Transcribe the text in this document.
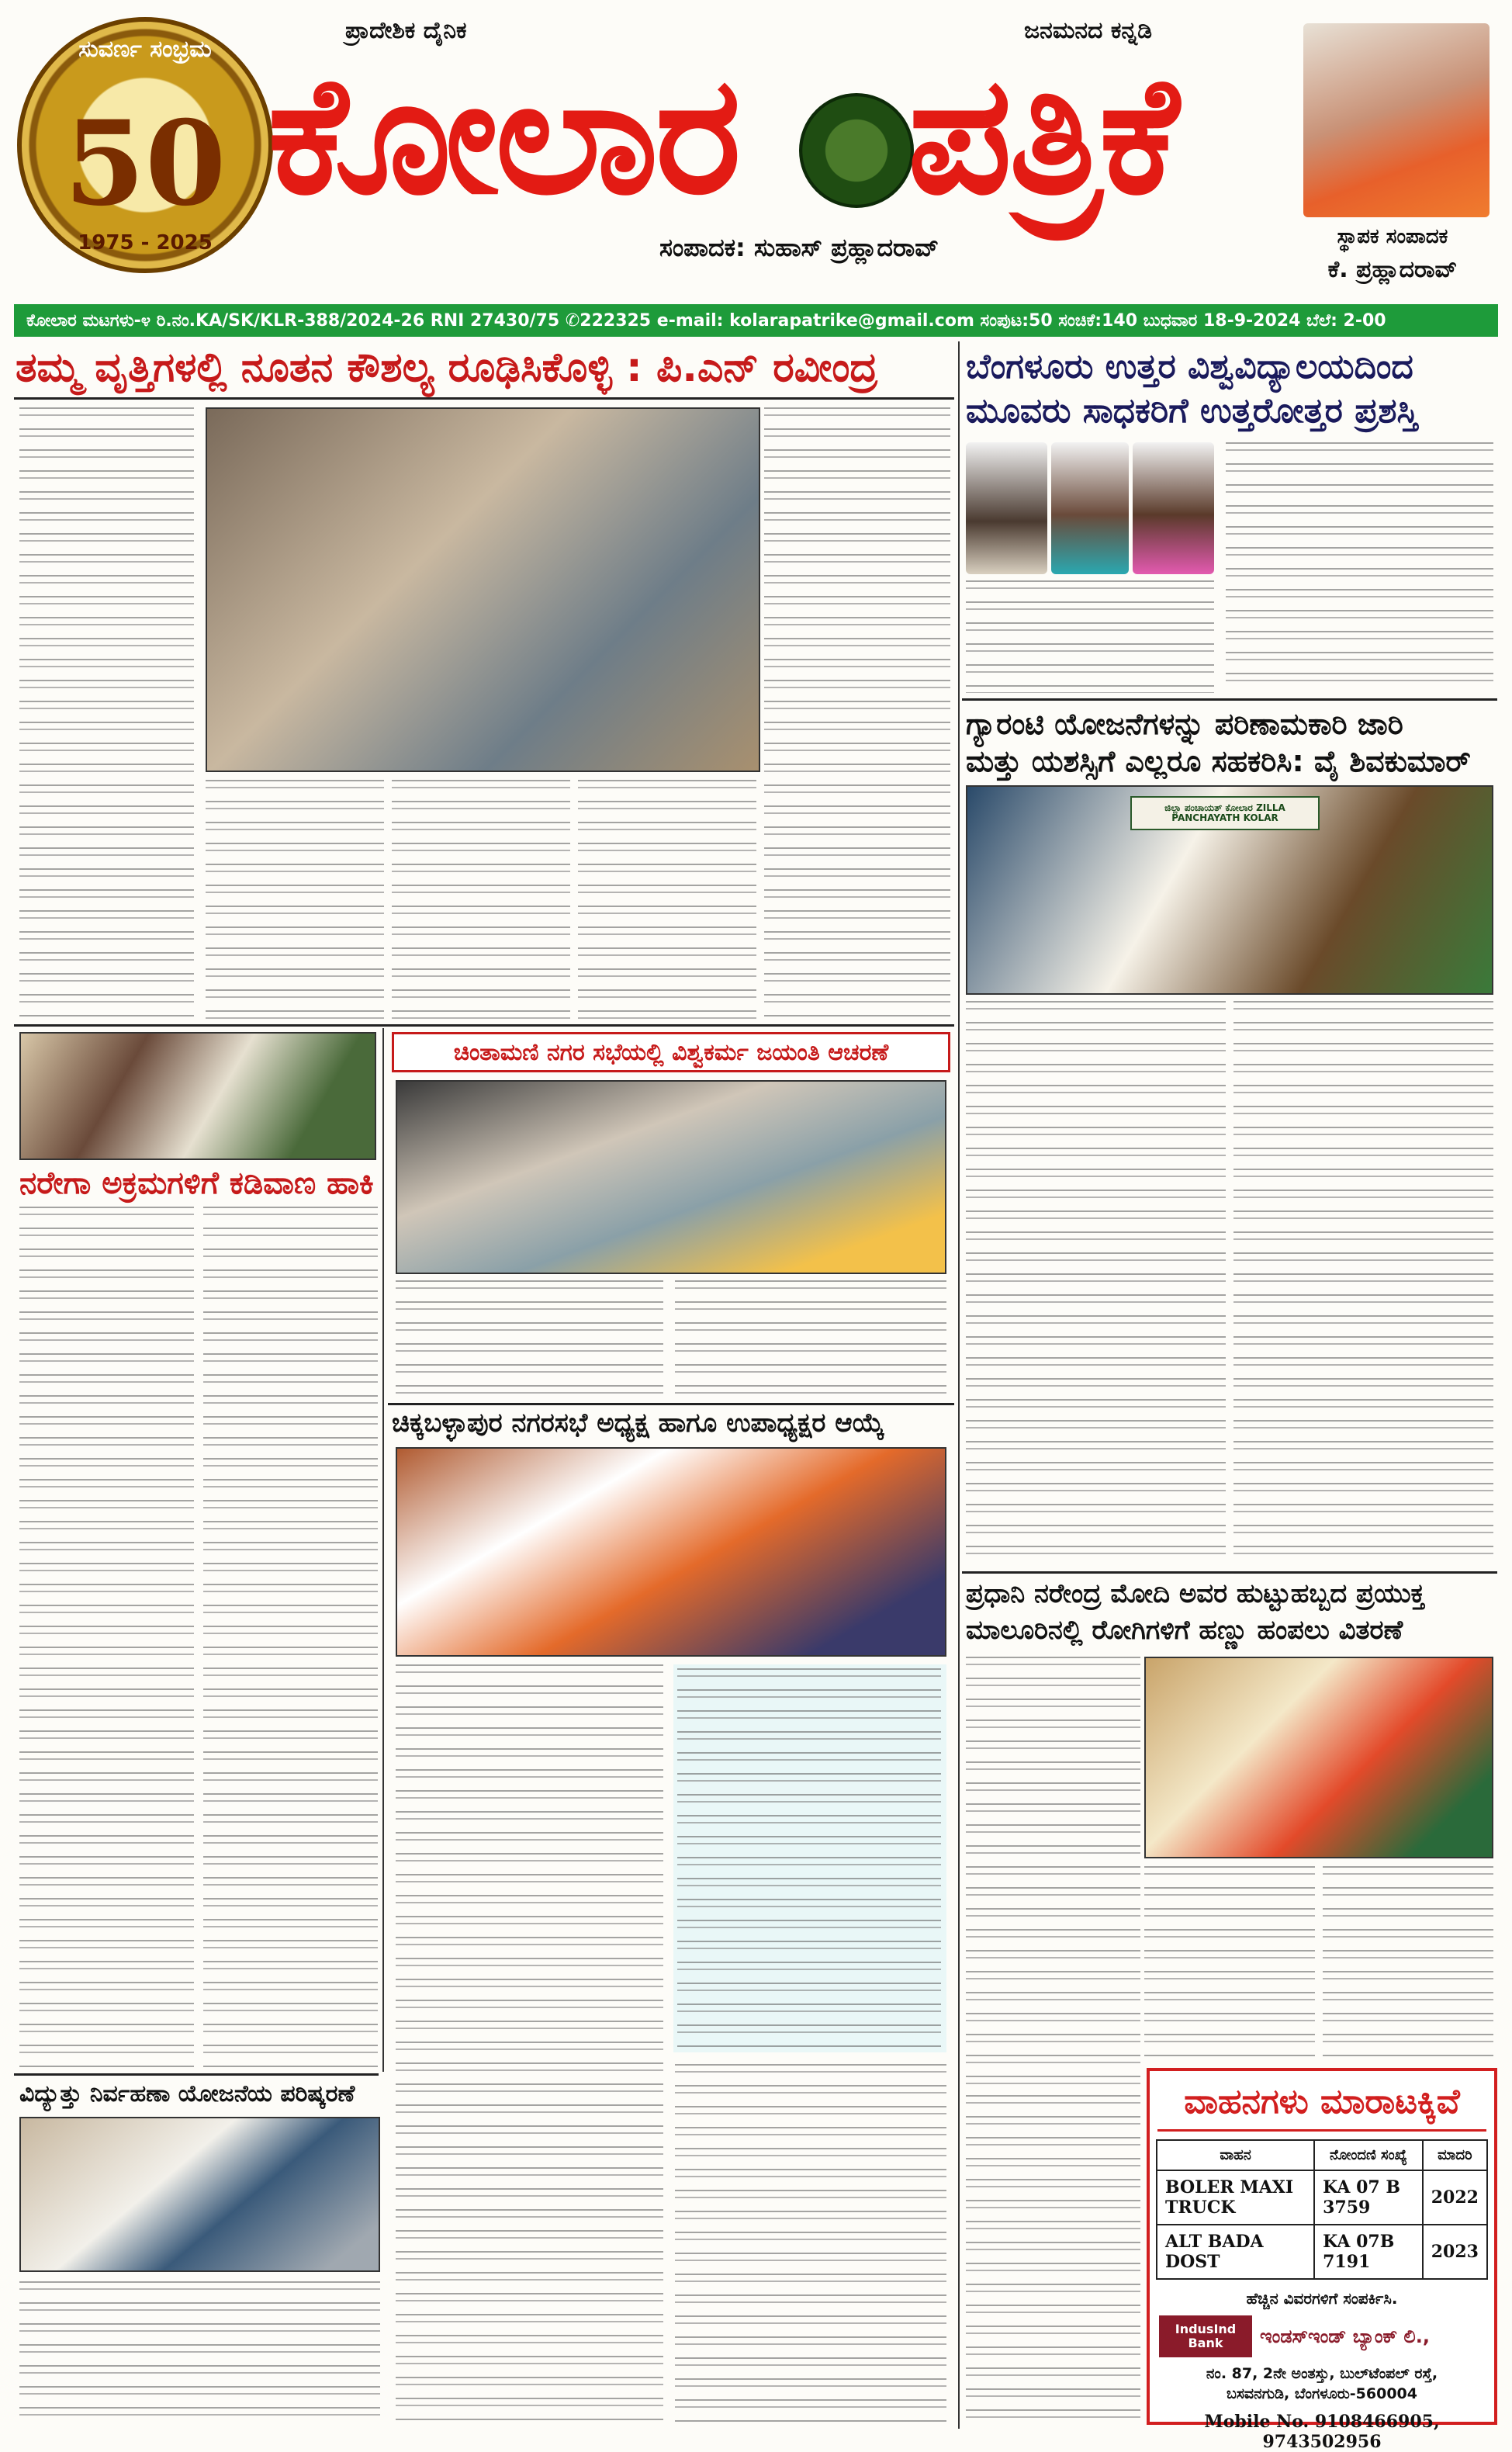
ಸುವರ್ಣ ಸಂಭ್ರಮ
50
1975 - 2025
ಪ್ರಾದೇಶಿಕ ದೈನಿಕ	ಜನಮನದ ಕನ್ನಡಿ
ಕೋಲಾರ ಪತ್ರಿಕೆ
ಸಂಪಾದಕ: ಸುಹಾಸ್ ಪ್ರಹ್ಲಾದರಾವ್	ಸ್ಥಾಪಕ ಸಂಪಾದಕ
ಕೆ. ಪ್ರಹ್ಲಾದರಾವ್
ಕೋಲಾರ ಮಟಗಳು-೪ ರಿ.ನಂ.KA/SK/KLR-388/2024-26 RNI 27430/75 ✆222325 e-mail: kolarapatrike@gmail.com ಸಂಪುಟ:50 ಸಂಚಿಕೆ:140 ಬುಧವಾರ 18-9-2024 ಬೆಲೆ: 2-00
ತಮ್ಮ ವೃತ್ತಿಗಳಲ್ಲಿ ನೂತನ ಕೌಶಲ್ಯ ರೂಢಿಸಿಕೊಳ್ಳಿ : ಪಿ.ಎನ್ ರವೀಂದ್ರ	ಬೆಂಗಳೂರು ಉತ್ತರ ವಿಶ್ವವಿದ್ಯಾಲಯದಿಂದ
ಮೂವರು ಸಾಧಕರಿಗೆ ಉತ್ತರೋತ್ತರ ಪ್ರಶಸ್ತಿ
ಗ್ಯಾರಂಟಿ ಯೋಜನೆಗಳನ್ನು ಪರಿಣಾಮಕಾರಿ ಜಾರಿ
ಮತ್ತು ಯಶಸ್ಸಿಗೆ ಎಲ್ಲರೂ ಸಹಕರಿಸಿ: ವೈ ಶಿವಕುಮಾರ್
ಜಿಲ್ಲಾ ಪಂಚಾಯತ್ ಕೋಲಾರ ZILLA PANCHAYATH KOLAR
ನರೇಗಾ ಅಕ್ರಮಗಳಿಗೆ ಕಡಿವಾಣ ಹಾಕಿ
ಚಿಂತಾಮಣಿ ನಗರ ಸಭೆಯಲ್ಲಿ ವಿಶ್ವಕರ್ಮ ಜಯಂತಿ ಆಚರಣೆ
ಚಿಕ್ಕಬಳ್ಳಾಪುರ ನಗರಸಭೆ ಅಧ್ಯಕ್ಷ ಹಾಗೂ ಉಪಾಧ್ಯಕ್ಷರ ಆಯ್ಕೆ
ಪ್ರಧಾನಿ ನರೇಂದ್ರ ಮೋದಿ ಅವರ ಹುಟ್ಟುಹಬ್ಬದ ಪ್ರಯುಕ್ತ
ಮಾಲೂರಿನಲ್ಲಿ ರೋಗಿಗಳಿಗೆ ಹಣ್ಣು ಹಂಪಲು ವಿತರಣೆ
ವಾಹನಗಳು ಮಾರಾಟಕ್ಕಿವೆ
ವಾಹನ	ನೋಂದಣಿ ಸಂಖ್ಯೆ	ಮಾದರಿ
BOLER MAXI TRUCK	KA 07 B 3759	2022
ALT BADA DOST	KA 07B 7191	2023
ಹೆಚ್ಚಿನ ವಿವರಗಳಿಗೆ ಸಂಪರ್ಕಿಸಿ.
IndusInd Bank	ಇಂಡಸ್‌ಇಂಡ್ ಬ್ಯಾಂಕ್ ಲಿ.,
ನಂ. 87, 2ನೇ ಅಂತಸ್ತು, ಬುಲ್‌ಟೆಂಪಲ್ ರಸ್ತೆ,
ಬಸವನಗುಡಿ, ಬೆಂಗಳೂರು-560004
Mobile No. 9108466905, 9743502956
ವಿದ್ಯುತ್ತು ನಿರ್ವಹಣಾ ಯೋಜನೆಯ ಪರಿಷ್ಕರಣೆ
